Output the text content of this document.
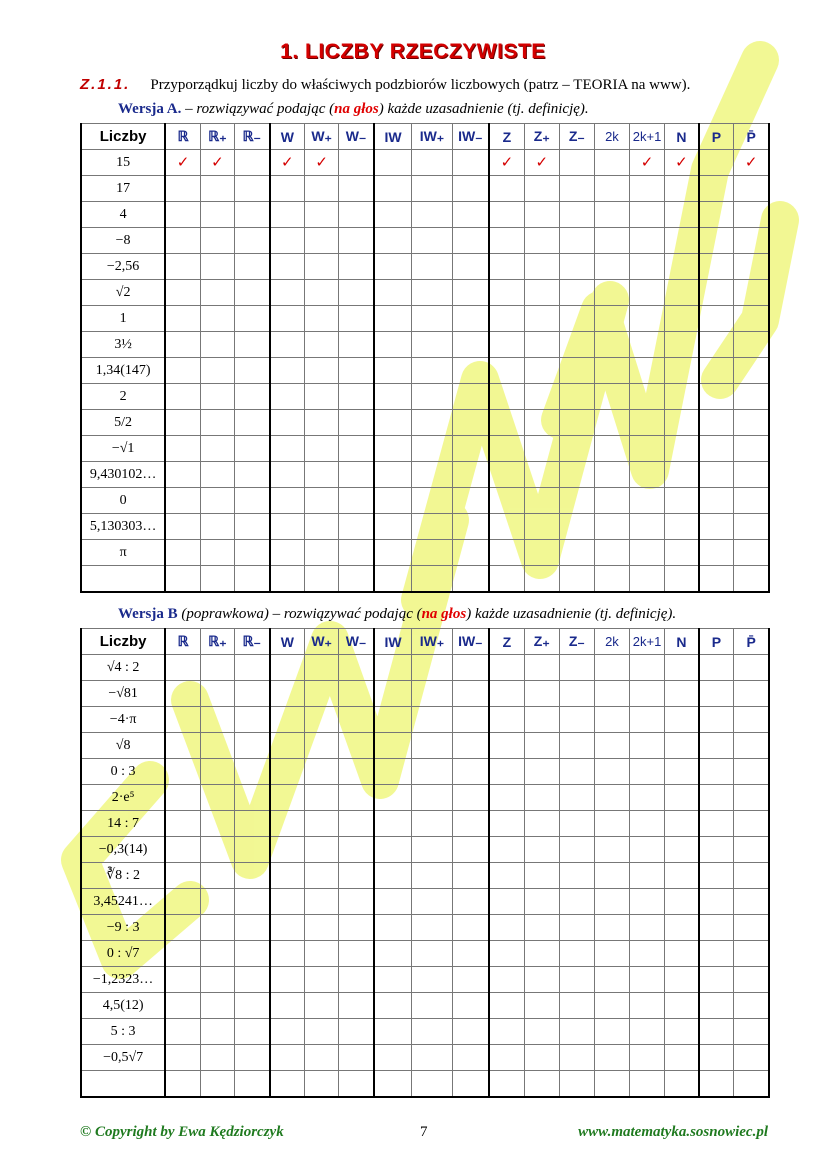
1. LICZBY RZECZYWISTE
Z.1.1. Przyporządkuj liczby do właściwych podzbiorów liczbowych (patrz – TEORIA na www).
Wersja A. – rozwiązywać podając (na głos) każde uzasadnienie (tj. definicję).
Liczby	ℝ	ℝ₊	ℝ₋	W	W₊	W₋	IW	IW₊	IW₋	Z	Z₊	Z₋	2k	2k+1	N	P	P̄
15	✓	✓		✓	✓					✓	✓			✓	✓		✓
17																	
4																	
−8																	
−2,56																	
√2																	
1																	
3½																	
1,34(147)																	
2																	
5/2																	
−√1																	
9,430102…																	
0																	
5,130303…																	
π																	

Wersja B (poprawkowa) – rozwiązywać podając (na głos) każde uzasadnienie (tj. definicję).
Liczby	ℝ	ℝ₊	ℝ₋	W	W₊	W₋	IW	IW₊	IW₋	Z	Z₊	Z₋	2k	2k+1	N	P	P̄
√4 : 2																	
−√81																	
−4·π																	
√8																	
0 : 3																	
2·e⁵																	
14 : 7																	
−0,3(14)																	
∛8 : 2																	
3,45241…																	
−9 : 3																	
0 : √7																	
−1,2323…																	
4,5(12)																	
5 : 3																	
−0,5√7																	

© Copyright by Ewa Kędziorczyk	7	www.matematyka.sosnowiec.pl
